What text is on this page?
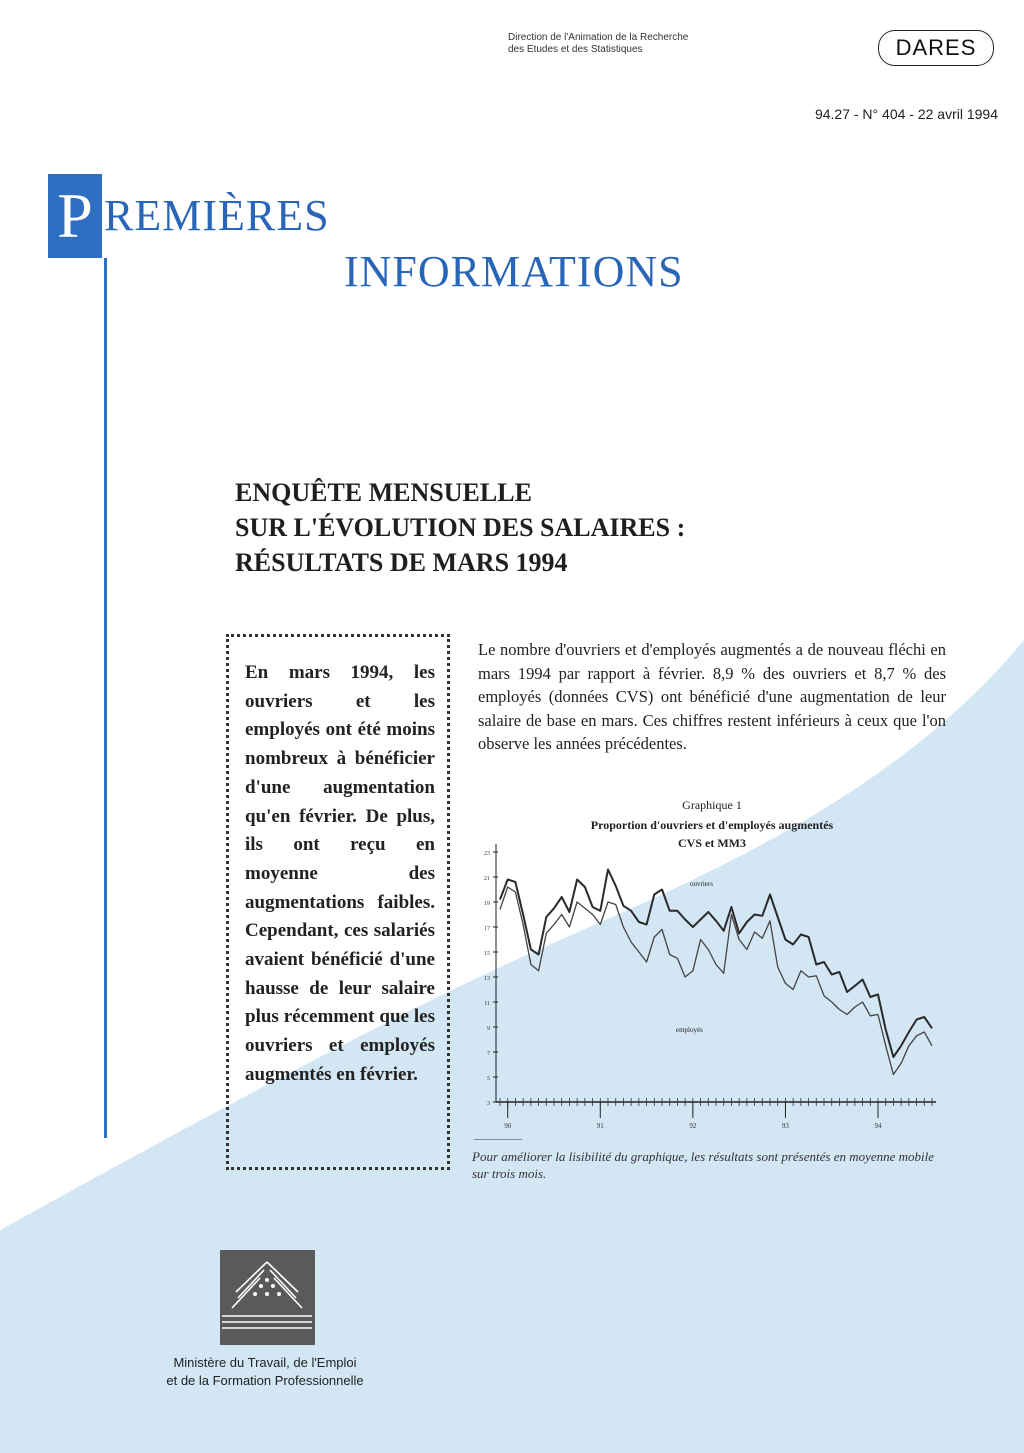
Direction de l'Animation de la Recherche
des Etudes et des Statistiques	DARES
94.27 - N° 404 - 22 avril 1994
P REMIÈRES
INFORMATIONS
ENQUÊTE MENSUELLE
SUR L'ÉVOLUTION DES SALAIRES :
RÉSULTATS DE MARS 1994
En mars 1994, les ouvriers et les employés ont été moins nombreux à bénéficier d'une augmentation qu'en février. De plus, ils ont reçu en moyenne des augmentations faibles. Cependant, ces salariés avaient bénéficié d'une hausse de leur salaire plus récemment que les ouvriers et employés augmentés en février.
Le nombre d'ouvriers et d'employés augmentés a de nouveau fléchi en mars 1994 par rapport à février. 8,9 % des ouvriers et 8,7 % des employés (données CVS) ont bénéficié d'une augmentation de leur salaire de base en mars. Ces chiffres restent inférieurs à ceux que l'on observe les années précédentes.
Graphique 1
Proportion d'ouvriers et d'employés augmentés
CVS et MM3
23
21
19
17
15
13
11
9
7
5
3
90	91	92	93	94
ouvriers
employés
Pour améliorer la lisibilité du graphique, les résultats sont présentés en moyenne mobile sur trois mois.
Ministère du Travail, de l'Emploi
et de la Formation Professionnelle
